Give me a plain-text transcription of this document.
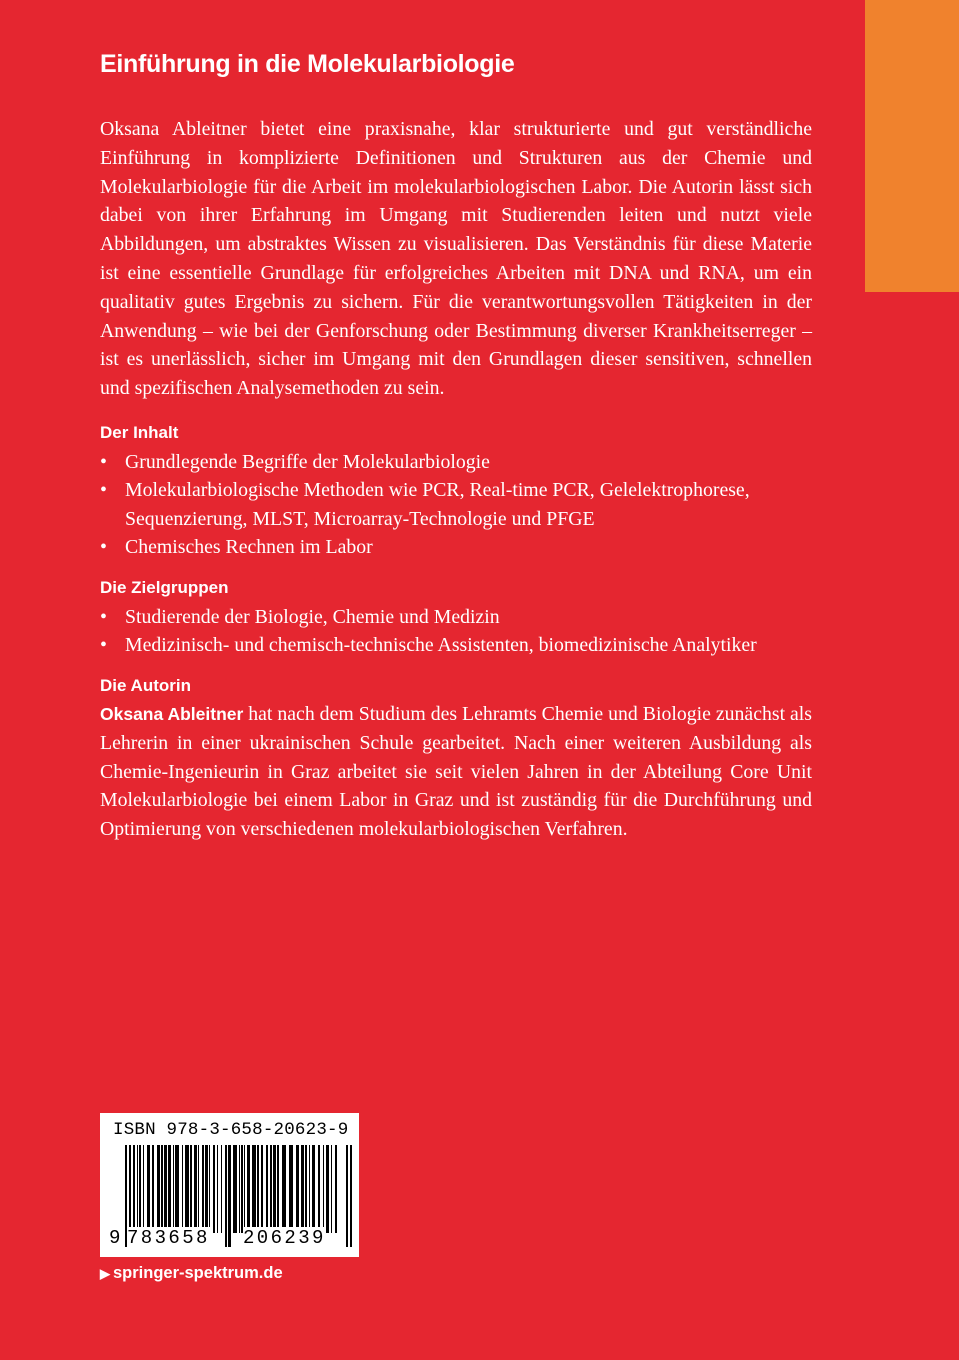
Einführung in die Molekularbiologie

Oksana Ableitner bietet eine praxisnahe, klar strukturierte und gut verständliche Einführung in komplizierte Definitionen und Strukturen aus der Chemie und Molekularbiologie für die Arbeit im molekularbiologischen Labor. Die Autorin lässt sich dabei von ihrer Erfahrung im Umgang mit Studierenden leiten und nutzt viele Abbildungen, um abstraktes Wissen zu visualisieren. Das Verständnis für diese Materie ist eine essentielle Grundlage für erfolgreiches Arbeiten mit DNA und RNA, um ein qualitativ gutes Ergebnis zu sichern. Für die verantwortungsvollen Tätigkeiten in der Anwendung – wie bei der Genforschung oder Bestimmung diverser Krankheitserreger – ist es unerlässlich, sicher im Umgang mit den Grundlagen dieser sensitiven, schnellen und spezifischen Analysemethoden zu sein.

Der Inhalt
• Grundlegende Begriffe der Molekularbiologie
• Molekularbiologische Methoden wie PCR, Real-time PCR, Gelelektrophorese, Sequenzierung, MLST, Microarray-Technologie und PFGE
• Chemisches Rechnen im Labor
Die Zielgruppen
• Studierende der Biologie, Chemie und Medizin
• Medizinisch- und chemisch-technische Assistenten, biomedizinische Analytiker
Die Autorin

Oksana Ableitner hat nach dem Studium des Lehramts Chemie und Biologie zunächst als Lehrerin in einer ukrainischen Schule gearbeitet. Nach einer weiteren Ausbildung als Chemie-Ingenieurin in Graz arbeitet sie seit vielen Jahren in der Abteilung Core Unit Molekularbiologie bei einem Labor in Graz und ist zuständig für die Durchführung und Optimierung von verschiedenen molekularbiologischen Verfahren.

ISBN 978-3-658-20623-9
9 783658 206239
▶ springer-spektrum.de
